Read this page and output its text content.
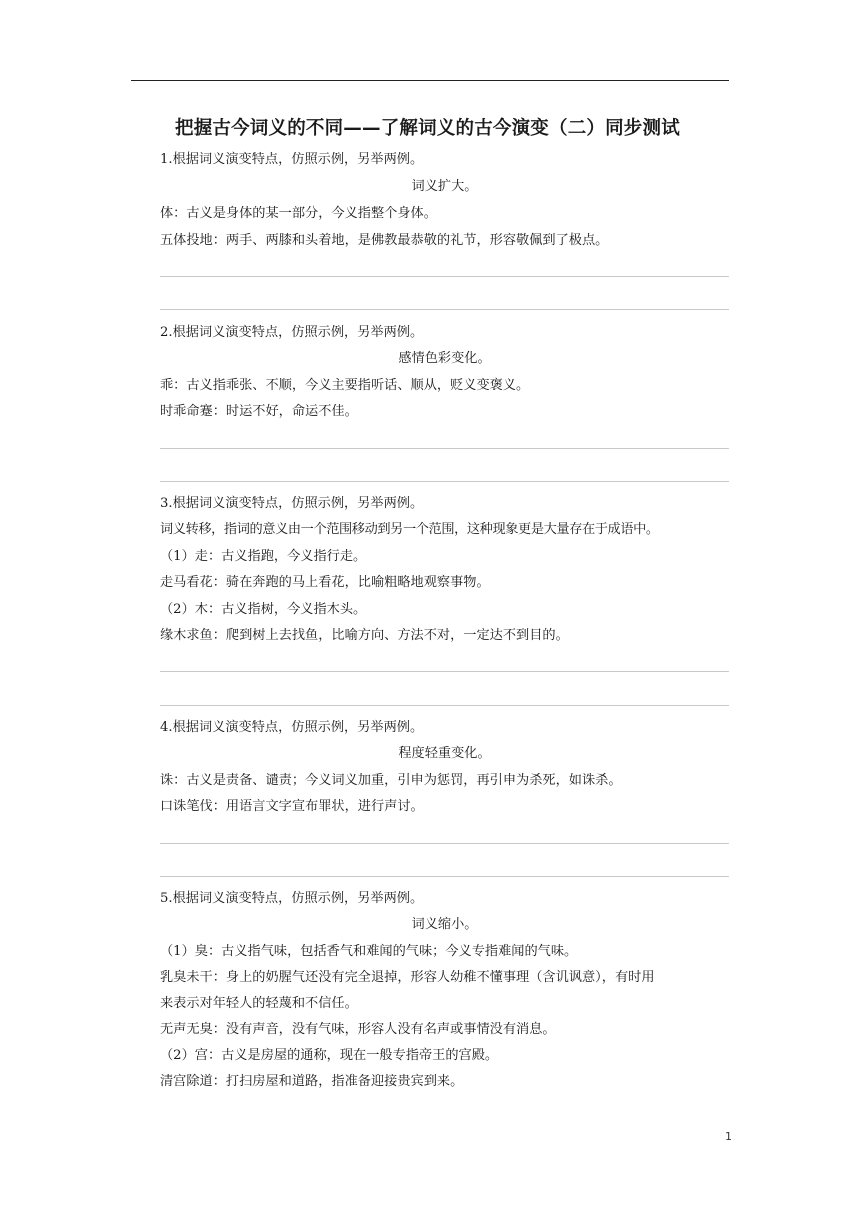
把握古今词义的不同——了解词义的古今演变（二）同步测试
1.根据词义演变特点，仿照示例，另举两例。
词义扩大。
体：古义是身体的某一部分，今义指整个身体。
五体投地：两手、两膝和头着地，是佛教最恭敬的礼节，形容敬佩到了极点。
2.根据词义演变特点，仿照示例，另举两例。
感情色彩变化。
乖：古义指乖张、不顺，今义主要指听话、顺从，贬义变褒义。
时乖命蹇：时运不好，命运不佳。
3.根据词义演变特点，仿照示例，另举两例。
词义转移，指词的意义由一个范围移动到另一个范围，这种现象更是大量存在于成语中。
（1）走：古义指跑，今义指行走。
走马看花：骑在奔跑的马上看花，比喻粗略地观察事物。
（2）木：古义指树，今义指木头。
缘木求鱼：爬到树上去找鱼，比喻方向、方法不对，一定达不到目的。
4.根据词义演变特点，仿照示例，另举两例。
程度轻重变化。
诛：古义是责备、谴责；今义词义加重，引申为惩罚，再引申为杀死，如诛杀。
口诛笔伐：用语言文字宣布罪状，进行声讨。
5.根据词义演变特点，仿照示例，另举两例。
词义缩小。
（1）臭：古义指气味，包括香气和难闻的气味；今义专指难闻的气味。
乳臭未干：身上的奶腥气还没有完全退掉，形容人幼稚不懂事理（含讥讽意），有时用
来表示对年轻人的轻蔑和不信任。
无声无臭：没有声音，没有气味，形容人没有名声或事情没有消息。
（2）宫：古义是房屋的通称，现在一般专指帝王的宫殿。
清宫除道：打扫房屋和道路，指准备迎接贵宾到来。
1
